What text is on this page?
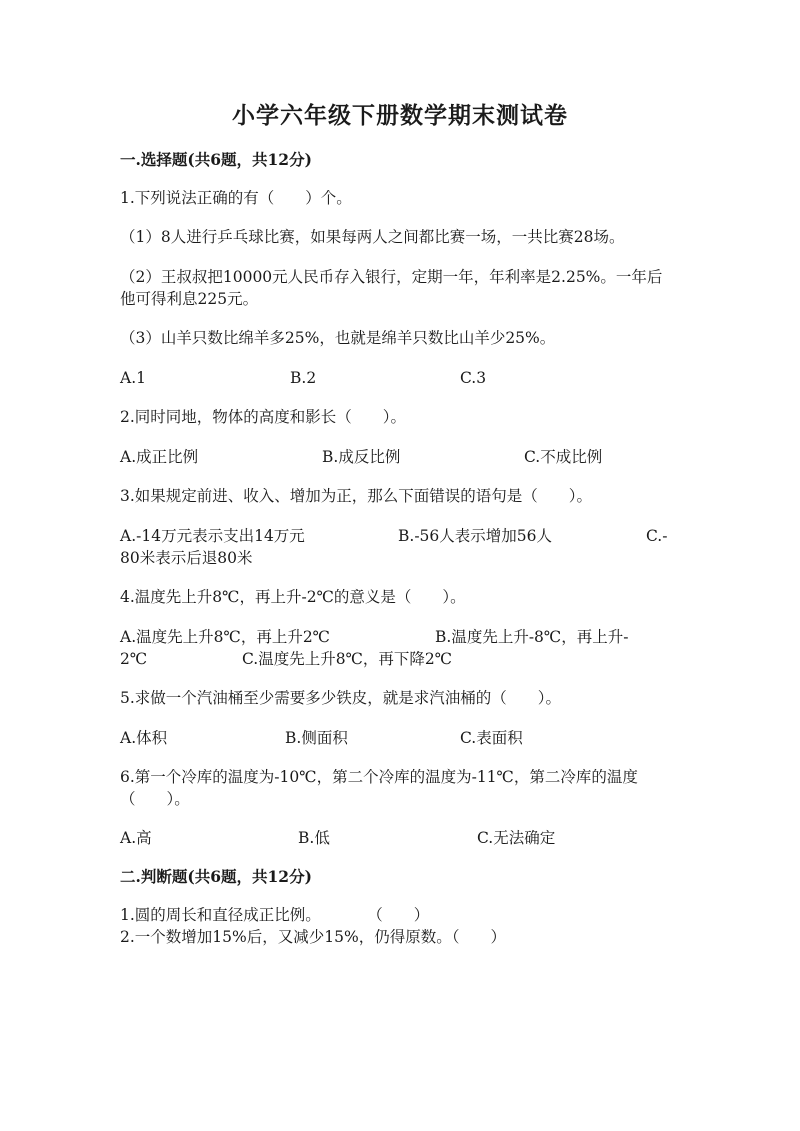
小学六年级下册数学期末测试卷
一.选择题(共6题，共12分)
1.下列说法正确的有（　　）个。
（1）8人进行乒乓球比赛，如果每两人之间都比赛一场，一共比赛28场。
（2）王叔叔把10000元人民币存入银行，定期一年，年利率是2.25%。一年后
他可得利息225元。
（3）山羊只数比绵羊多25%，也就是绵羊只数比山羊少25%。
A.1	B.2	C.3
2.同时同地，物体的高度和影长（　　）。
A.成正比例	B.成反比例	C.不成比例
3.如果规定前进、收入、增加为正，那么下面错误的语句是（　　）。
A.-14万元表示支出14万元	B.-56人表示增加56人	C.-
80米表示后退80米
4.温度先上升8℃，再上升-2℃的意义是（　　）。
A.温度先上升8℃，再上升2℃	B.温度先上升-8℃，再上升-
2℃	C.温度先上升8℃，再下降2℃
5.求做一个汽油桶至少需要多少铁皮，就是求汽油桶的（　　）。
A.体积	B.侧面积	C.表面积
6.第一个冷库的温度为-10℃，第二个冷库的温度为-11℃，第二冷库的温度
（　　）。
A.高	B.低	C.无法确定
二.判断题(共6题，共12分)
1.圆的周长和直径成正比例。　　　　（　　）
2.一个数增加15%后，又减少15%，仍得原数。（　　）
